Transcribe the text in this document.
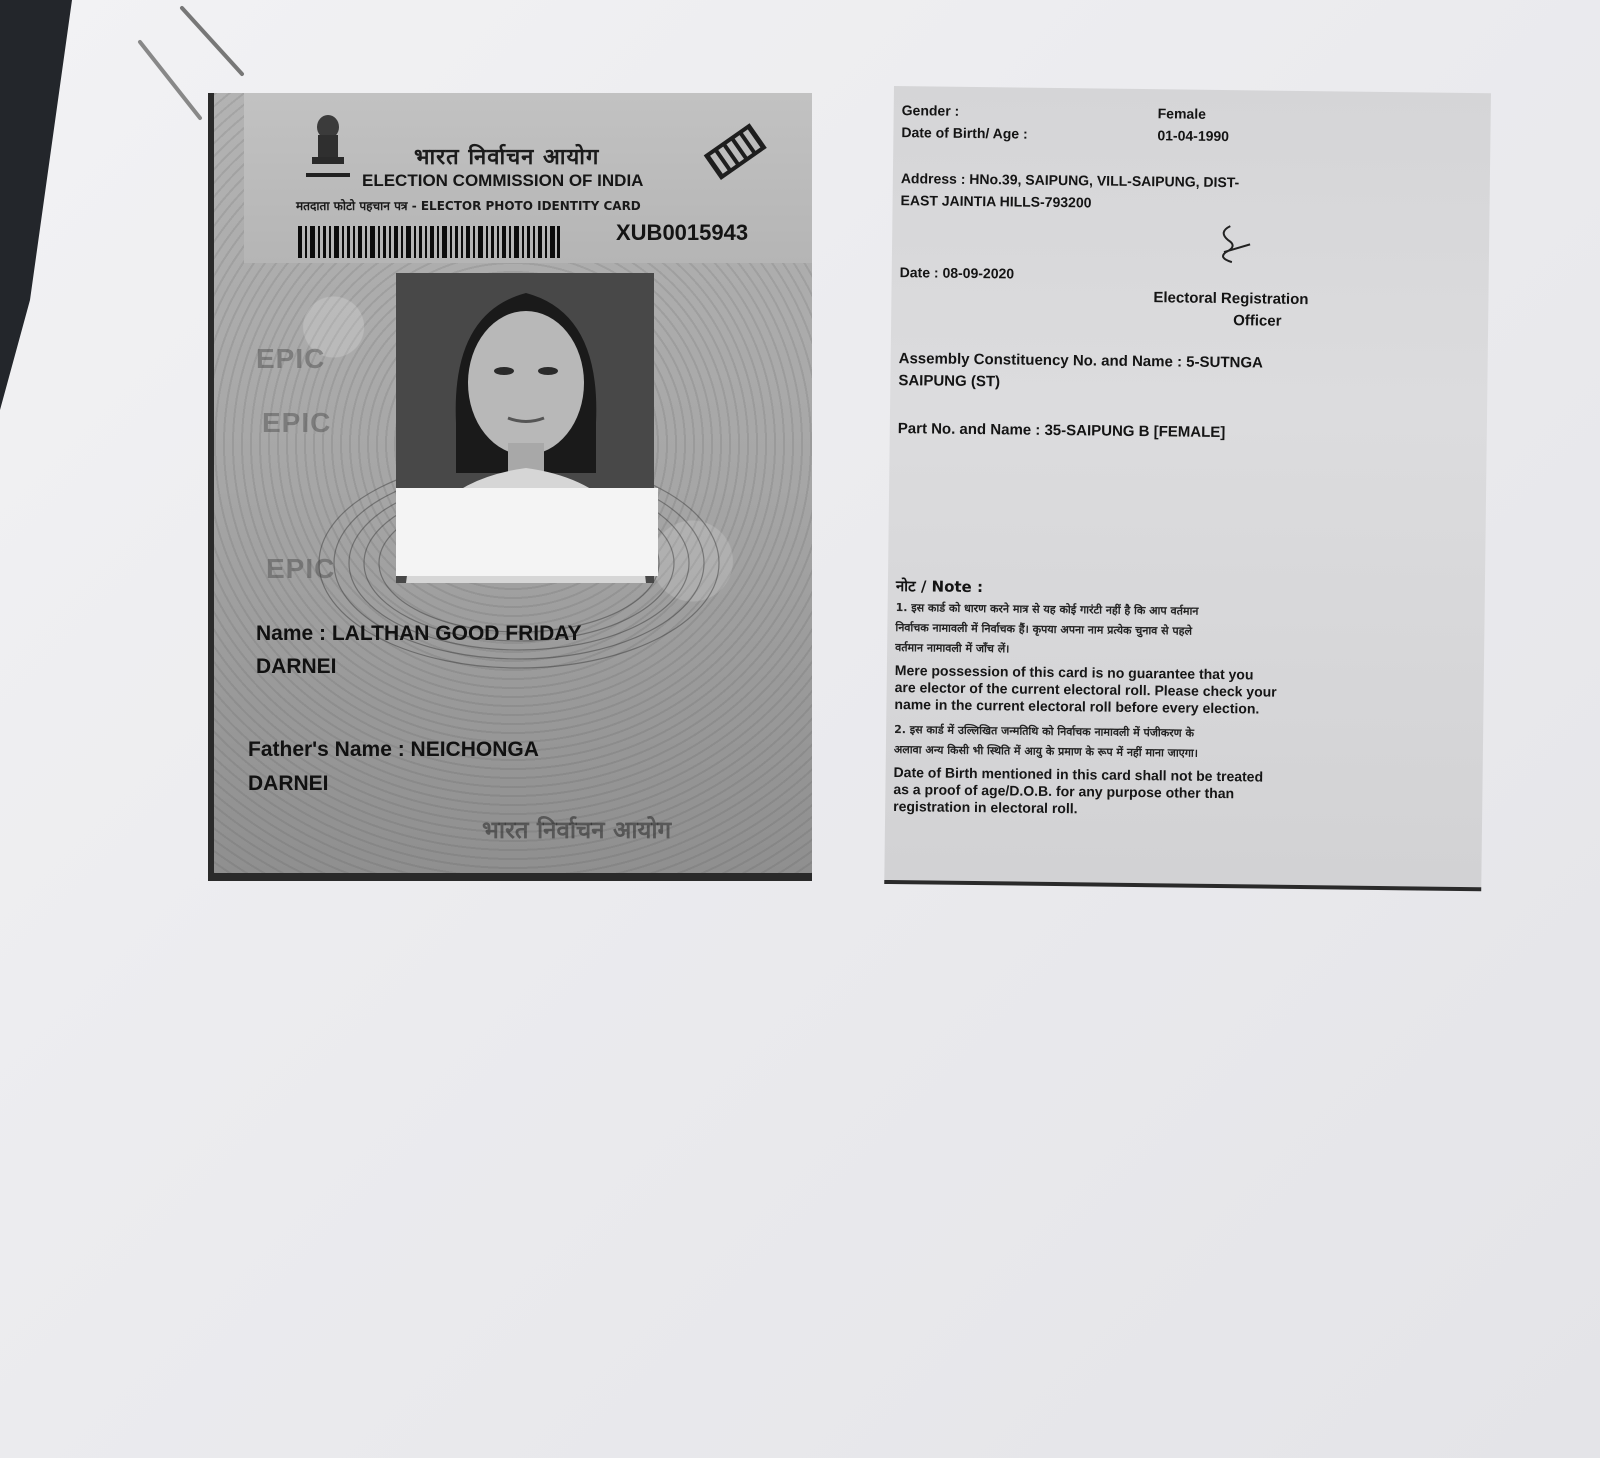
भारत निर्वाचन आयोग
ELECTION COMMISSION OF INDIA
मतदाता फोटो पहचान पत्र - ELECTOR PHOTO IDENTITY CARD
XUB0015943
EPIC
EPIC
EPIC
Name : LALTHAN GOOD FRIDAY
DARNEI
Father's Name : NEICHONGA
DARNEI
भारत निर्वाचन आयोग
Gender :	Female
Date of Birth/ Age :	01-04-1990
Address : HNo.39, SAIPUNG, VILL-SAIPUNG, DIST-
EAST JAINTIA HILLS-793200
Date : 08-09-2020
Electoral Registration
Officer
Assembly Constituency No. and Name : 5-SUTNGA
SAIPUNG (ST)
Part No. and Name : 35-SAIPUNG B [FEMALE]
नोट / Note :
1. इस कार्ड को धारण करने मात्र से यह कोई गारंटी नहीं है कि आप वर्तमान
निर्वाचक नामावली में निर्वाचक हैं। कृपया अपना नाम प्रत्येक चुनाव से पहले
वर्तमान नामावली में जाँच लें।
Mere possession of this card is no guarantee that you
are elector of the current electoral roll. Please check your
name in the current electoral roll before every election.
2. इस कार्ड में उल्लिखित जन्मतिथि को निर्वाचक नामावली में पंजीकरण के
अलावा अन्य किसी भी स्थिति में आयु के प्रमाण के रूप में नहीं माना जाएगा।
Date of Birth mentioned in this card shall not be treated
as a proof of age/D.O.B. for any purpose other than
registration in electoral roll.
